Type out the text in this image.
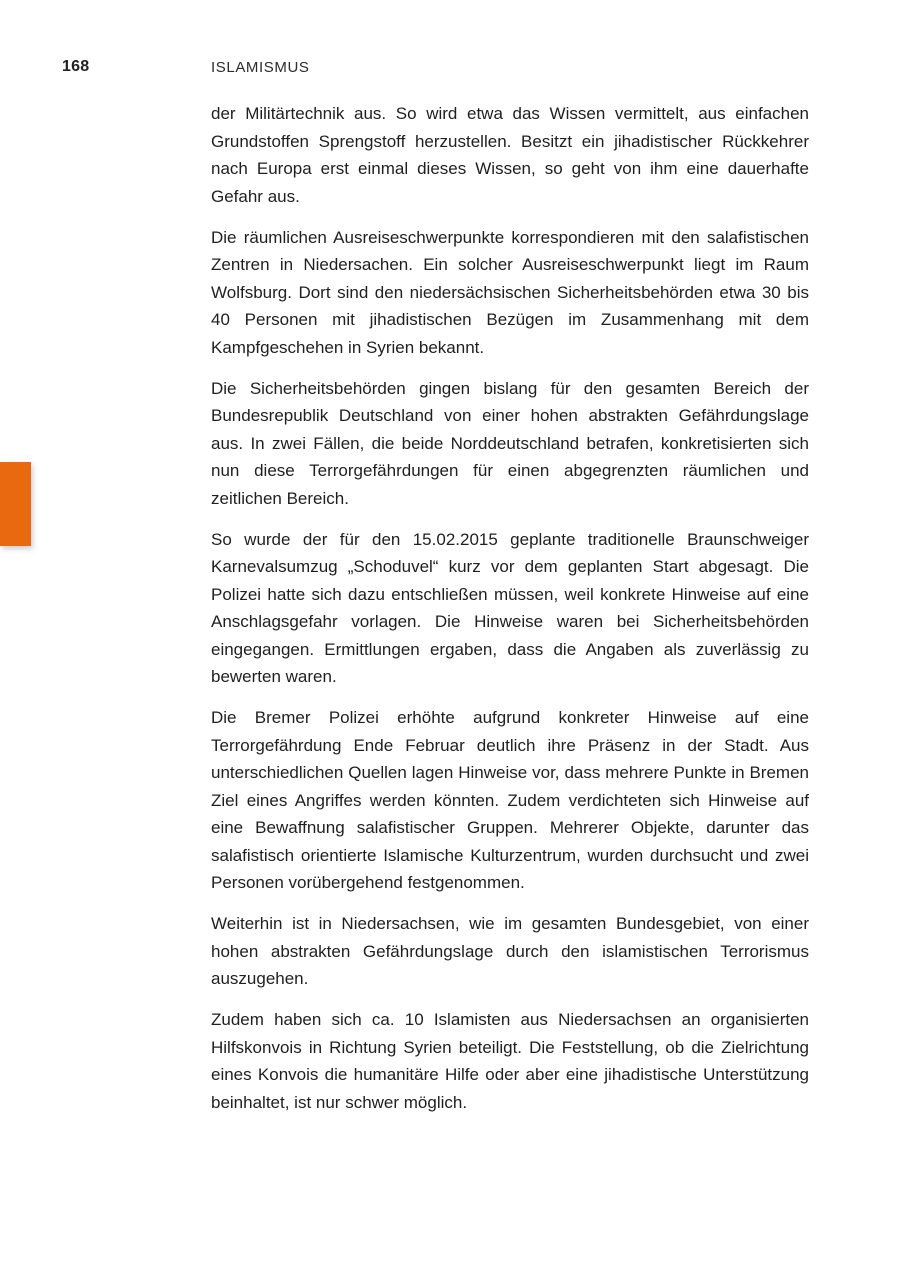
168	ISLAMISMUS

der Militärtechnik aus. So wird etwa das Wissen vermittelt, aus einfachen Grundstoffen Sprengstoff herzustellen. Besitzt ein jihadistischer Rückkehrer nach Europa erst einmal dieses Wissen, so geht von ihm eine dauerhafte Gefahr aus.

Die räumlichen Ausreiseschwerpunkte korrespondieren mit den salafistischen Zentren in Niedersachen. Ein solcher Ausreiseschwerpunkt liegt im Raum Wolfsburg. Dort sind den niedersächsischen Sicherheitsbehörden etwa 30 bis 40 Personen mit jihadistischen Bezügen im Zusammenhang mit dem Kampfgeschehen in Syrien bekannt.

Die Sicherheitsbehörden gingen bislang für den gesamten Bereich der Bundesrepublik Deutschland von einer hohen abstrakten Gefährdungslage aus. In zwei Fällen, die beide Norddeutschland betrafen, konkretisierten sich nun diese Terrorgefährdungen für einen abgegrenzten räumlichen und zeitlichen Bereich.

So wurde der für den 15.02.2015 geplante traditionelle Braunschweiger Karnevalsumzug „Schoduvel“ kurz vor dem geplanten Start abgesagt. Die Polizei hatte sich dazu entschließen müssen, weil konkrete Hinweise auf eine Anschlagsgefahr vorlagen. Die Hinweise waren bei Sicherheitsbehörden eingegangen. Ermittlungen ergaben, dass die Angaben als zuverlässig zu bewerten waren.

Die Bremer Polizei erhöhte aufgrund konkreter Hinweise auf eine Terrorgefährdung Ende Februar deutlich ihre Präsenz in der Stadt. Aus unterschiedlichen Quellen lagen Hinweise vor, dass mehrere Punkte in Bremen Ziel eines Angriffes werden könnten. Zudem verdichteten sich Hinweise auf eine Bewaffnung salafistischer Gruppen. Mehrerer Objekte, darunter das salafistisch orientierte Islamische Kulturzentrum, wurden durchsucht und zwei Personen vorübergehend festgenommen.

Weiterhin ist in Niedersachsen, wie im gesamten Bundesgebiet, von einer hohen abstrakten Gefährdungslage durch den islamistischen Terrorismus auszugehen.

Zudem haben sich ca. 10 Islamisten aus Niedersachsen an organisierten Hilfskonvois in Richtung Syrien beteiligt. Die Feststellung, ob die Zielrichtung eines Konvois die humanitäre Hilfe oder aber eine jihadistische Unterstützung beinhaltet, ist nur schwer möglich.
